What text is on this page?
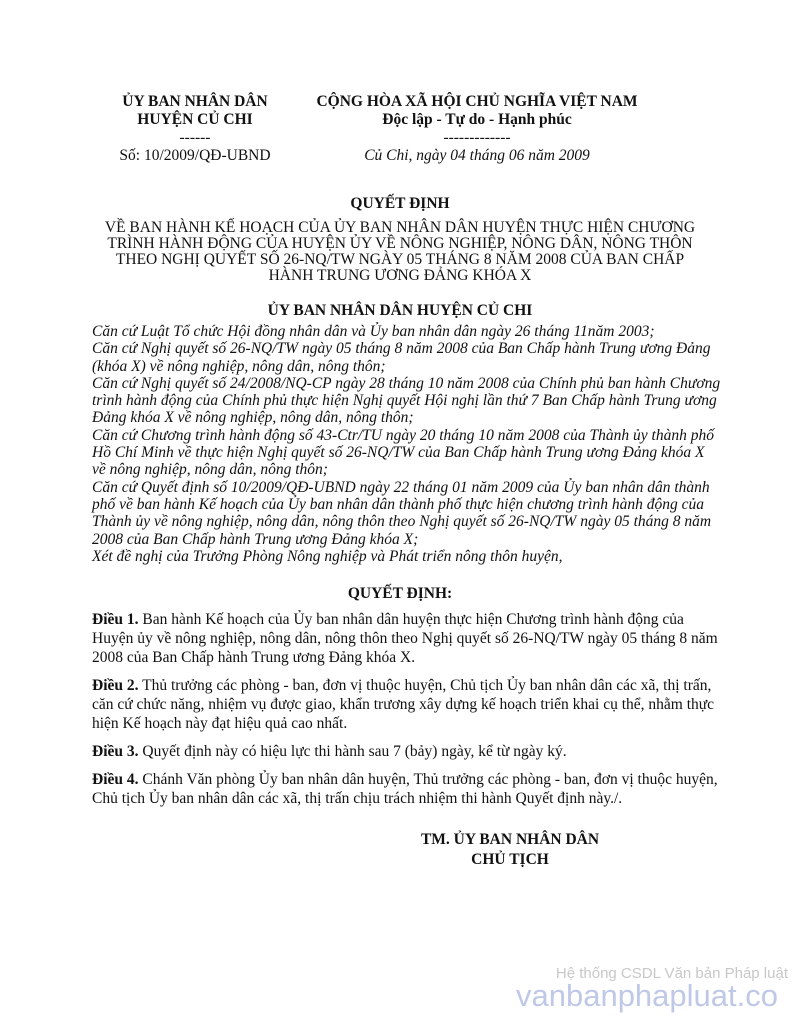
ỦY BAN NHÂN DÂN
HUYỆN CỦ CHI
------
Số: 10/2009/QĐ-UBND
CỘNG HÒA XÃ HỘI CHỦ NGHĨA VIỆT NAM
Độc lập - Tự do - Hạnh phúc
-------------
Củ Chi, ngày 04 tháng 06 năm 2009
QUYẾT ĐỊNH
VỀ BAN HÀNH KẾ HOẠCH CỦA ỦY BAN NHÂN DÂN HUYỆN THỰC HIỆN CHƯƠNG TRÌNH HÀNH ĐỘNG CỦA HUYỆN ỦY VỀ NÔNG NGHIỆP, NÔNG DÂN, NÔNG THÔN THEO NGHỊ QUYẾT SỐ 26-NQ/TW NGÀY 05 THÁNG 8 NĂM 2008 CỦA BAN CHẤP HÀNH TRUNG ƯƠNG ĐẢNG KHÓA X
ỦY BAN NHÂN DÂN HUYỆN CỦ CHI

Căn cứ Luật Tổ chức Hội đồng nhân dân và Ủy ban nhân dân ngày 26 tháng 11năm 2003;

Căn cứ Nghị quyết số 26-NQ/TW ngày 05 tháng 8 năm 2008 của Ban Chấp hành Trung ương Đảng (khóa X) về nông nghiệp, nông dân, nông thôn;

Căn cứ Nghị quyết số 24/2008/NQ-CP ngày 28 tháng 10 năm 2008 của Chính phủ ban hành Chương trình hành động của Chính phủ thực hiện Nghị quyết Hội nghị lần thứ 7 Ban Chấp hành Trung ương Đảng khóa X về nông nghiệp, nông dân, nông thôn;

Căn cứ Chương trình hành động số 43-Ctr/TU ngày 20 tháng 10 năm 2008 của Thành ủy thành phố Hồ Chí Minh về thực hiện Nghị quyết số 26-NQ/TW của Ban Chấp hành Trung ương Đảng khóa X về nông nghiệp, nông dân, nông thôn;

Căn cứ Quyết định số 10/2009/QĐ-UBND ngày 22 tháng 01 năm 2009 của Ủy ban nhân dân thành phố về ban hành Kế hoạch của Ủy ban nhân dân thành phố thực hiện chương trình hành động của Thành ủy về nông nghiệp, nông dân, nông thôn theo Nghị quyết số 26-NQ/TW ngày 05 tháng 8 năm 2008 của Ban Chấp hành Trung ương Đảng khóa X;

Xét đề nghị của Trưởng Phòng Nông nghiệp và Phát triển nông thôn huyện,

QUYẾT ĐỊNH:

Điều 1. Ban hành Kế hoạch của Ủy ban nhân dân huyện thực hiện Chương trình hành động của Huyện ủy về nông nghiệp, nông dân, nông thôn theo Nghị quyết số 26-NQ/TW ngày 05 tháng 8 năm 2008 của Ban Chấp hành Trung ương Đảng khóa X.

Điều 2. Thủ trưởng các phòng - ban, đơn vị thuộc huyện, Chủ tịch Ủy ban nhân dân các xã, thị trấn, căn cứ chức năng, nhiệm vụ được giao, khẩn trương xây dựng kế hoạch triển khai cụ thể, nhằm thực hiện Kế hoạch này đạt hiệu quả cao nhất.

Điều 3. Quyết định này có hiệu lực thi hành sau 7 (bảy) ngày, kể từ ngày ký.

Điều 4. Chánh Văn phòng Ủy ban nhân dân huyện, Thủ trưởng các phòng - ban, đơn vị thuộc huyện, Chủ tịch Ủy ban nhân dân các xã, thị trấn chịu trách nhiệm thi hành Quyết định này./.

TM. ỦY BAN NHÂN DÂN
CHỦ TỊCH
Hệ thống CSDL Văn bản Pháp luật
vanbanphapluat.co
